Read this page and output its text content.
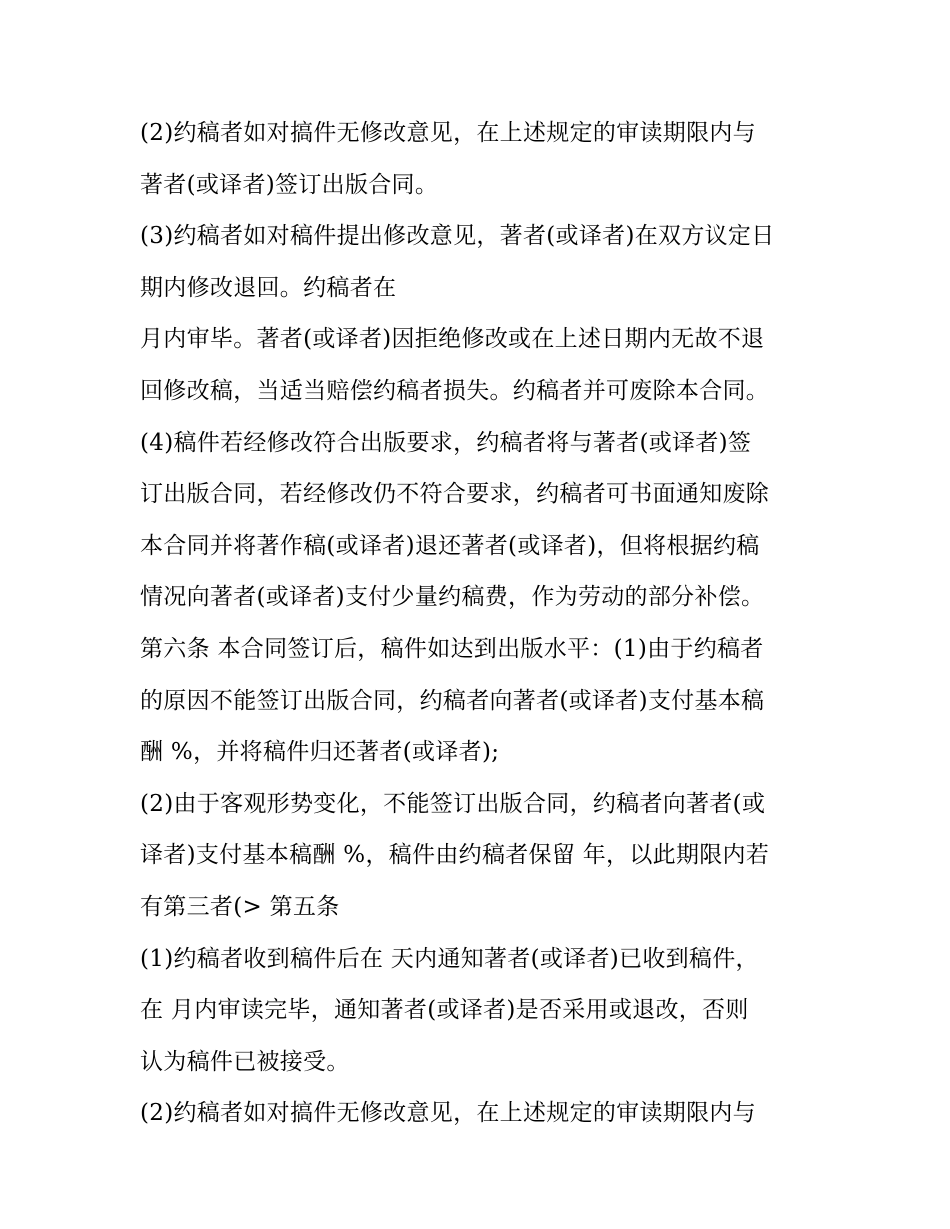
(2)约稿者如对搞件无修改意见，在上述规定的审读期限内与
著者(或译者)签订出版合同。
(3)约稿者如对稿件提出修改意见，著者(或译者)在双方议定日
期内修改退回。约稿者在
月内审毕。著者(或译者)因拒绝修改或在上述日期内无故不退
回修改稿，当适当赔偿约稿者损失。约稿者并可废除本合同。
(4)稿件若经修改符合出版要求，约稿者将与著者(或译者)签
订出版合同，若经修改仍不符合要求，约稿者可书面通知废除
本合同并将著作稿(或译者)退还著者(或译者)，但将根据约稿
情况向著者(或译者)支付少量约稿费，作为劳动的部分补偿。
第六条 本合同签订后，稿件如达到出版水平：(1)由于约稿者
的原因不能签订出版合同，约稿者向著者(或译者)支付基本稿
酬 %，并将稿件归还著者(或译者);
(2)由于客观形势变化，不能签订出版合同，约稿者向著者(或
译者)支付基本稿酬 %，稿件由约稿者保留 年，以此期限内若
有第三者(> 第五条
(1)约稿者收到稿件后在 天内通知著者(或译者)已收到稿件，
在 月内审读完毕，通知著者(或译者)是否采用或退改，否则
认为稿件已被接受。
(2)约稿者如对搞件无修改意见，在上述规定的审读期限内与
